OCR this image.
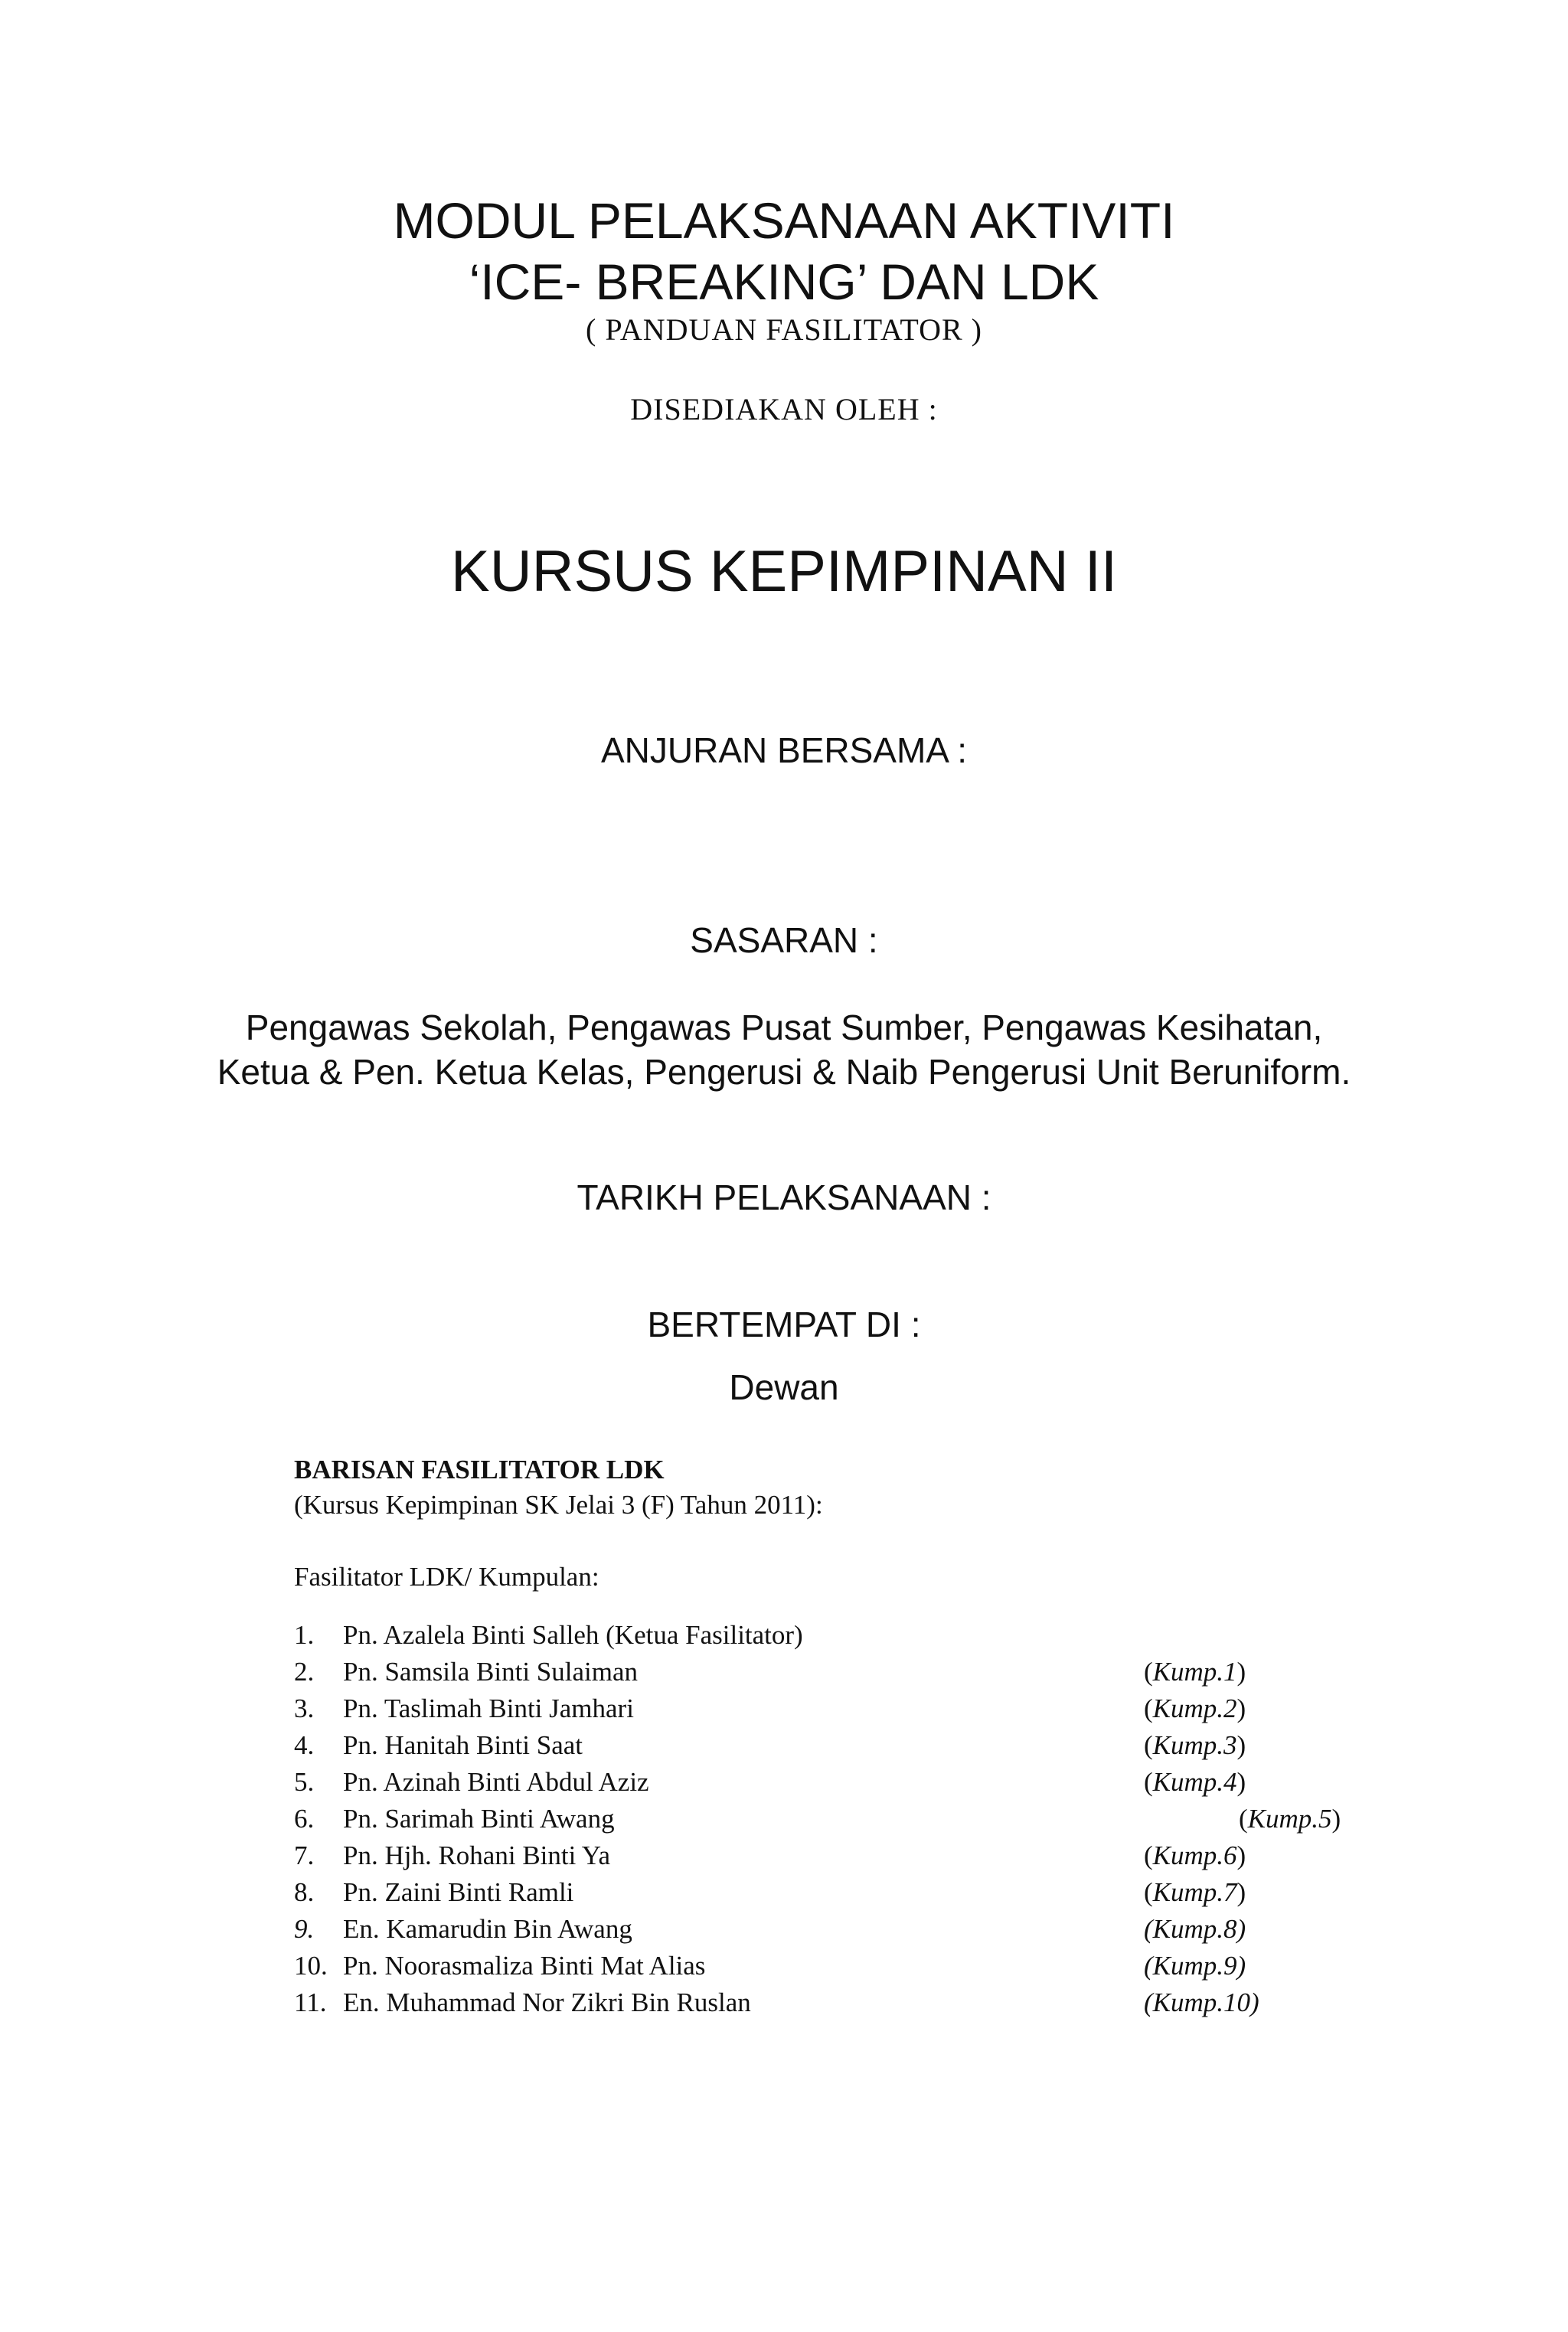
MODUL PELAKSANAAN AKTIVITI
‘ICE- BREAKING’ DAN LDK
( PANDUAN FASILITATOR )
DISEDIAKAN OLEH :
KURSUS KEPIMPINAN II
ANJURAN BERSAMA :
SASARAN :
Pengawas Sekolah, Pengawas Pusat Sumber, Pengawas Kesihatan,
Ketua & Pen. Ketua Kelas, Pengerusi & Naib Pengerusi Unit Beruniform.
TARIKH PELAKSANAAN :
BERTEMPAT DI :
Dewan
BARISAN FASILITATOR LDK
(Kursus Kepimpinan SK Jelai 3 (F) Tahun 2011):
Fasilitator LDK/ Kumpulan:
1. Pn. Azalela Binti Salleh (Ketua Fasilitator)
2. Pn. Samsila Binti Sulaiman	(Kump.1)
3. Pn. Taslimah Binti Jamhari	(Kump.2)
4. Pn. Hanitah Binti Saat	(Kump.3)
5. Pn. Azinah Binti Abdul Aziz	(Kump.4)
6. Pn. Sarimah Binti Awang	(Kump.5)
7. Pn. Hjh. Rohani Binti Ya	(Kump.6)
8. Pn. Zaini Binti Ramli	(Kump.7)
9. En. Kamarudin Bin Awang	(Kump.8)
10. Pn. Noorasmaliza Binti Mat Alias	(Kump.9)
11. En. Muhammad Nor Zikri Bin Ruslan	(Kump.10)
